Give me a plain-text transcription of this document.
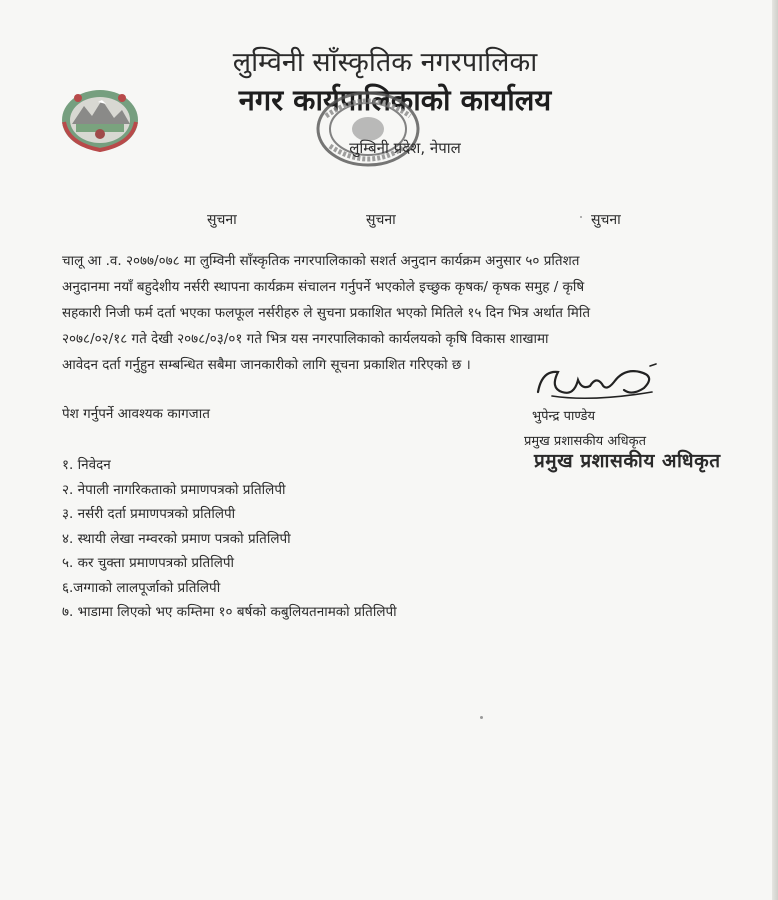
लुम्विनी साँस्कृतिक नगरपालिका
नगर कार्यपालिकाको कार्यालय
लुम्बिनी प्रदेश, नेपाल
सुचना	सुचना	सुचना
चालू आ .व. २०७७/०७८ मा लुम्विनी साँस्कृतिक नगरपालिकाको सशर्त अनुदान कार्यक्रम अनुसार ५० प्रतिशत
अनुदानमा नयाँ बहुदेशीय नर्सरी स्थापना कार्यक्रम संचालन गर्नुपर्ने भएकोले इच्छुक कृषक/ कृषक समुह / कृषि
सहकारी निजी फर्म दर्ता भएका फलफूल नर्सरीहरु ले सुचना प्रकाशित भएको मितिले १५ दिन भित्र अर्थात मिति
२०७८/०२/१८ गते देखी २०७८/०३/०१ गते भित्र यस नगरपालिकाको कार्यलयको कृषि विकास शाखामा
आवेदन दर्ता गर्नुहुन सम्बन्धित सबैमा जानकारीको लागि सूचना प्रकाशित गरिएको छ ।
भुपेन्द्र पाण्डेय
प्रमुख प्रशासकीय अधिकृत
प्रमुख प्रशासकीय अधिकृत
पेश गर्नुपर्ने आवश्यक कागजात
१. निवेदन
२. नेपाली नागरिकताको प्रमाणपत्रको प्रतिलिपी
३. नर्सरी दर्ता प्रमाणपत्रको प्रतिलिपी
४. स्थायी लेखा नम्वरको प्रमाण पत्रको प्रतिलिपी
५. कर चुक्ता प्रमाणपत्रको प्रतिलिपी
६.जग्गाको लालपूर्जाको प्रतिलिपी
७. भाडामा लिएको भए कम्तिमा १० बर्षको कबुलियतनामको प्रतिलिपी
